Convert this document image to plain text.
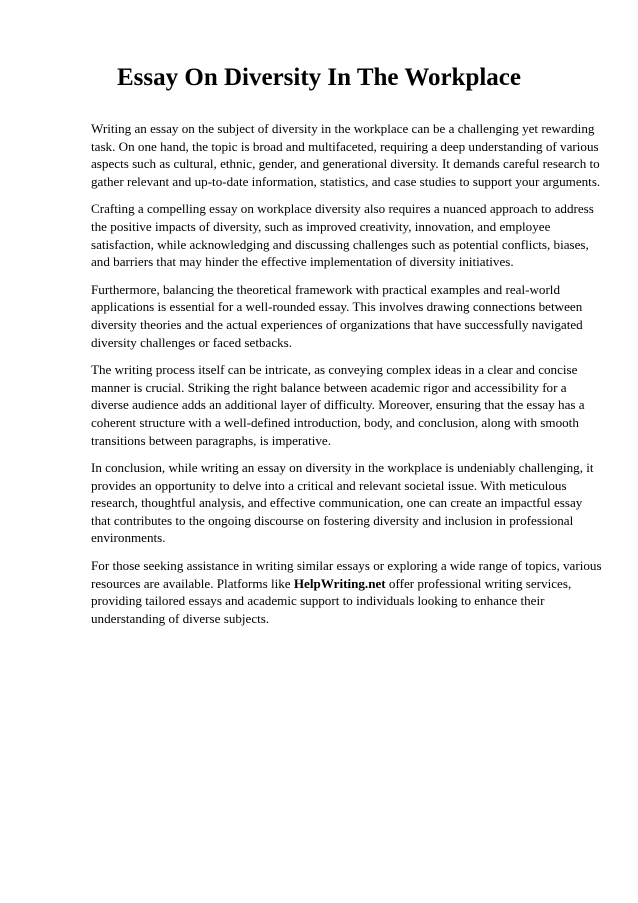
Essay On Diversity In The Workplace

Writing an essay on the subject of diversity in the workplace can be a challenging yet rewarding
task. On one hand, the topic is broad and multifaceted, requiring a deep understanding of various
aspects such as cultural, ethnic, gender, and generational diversity. It demands careful research to
gather relevant and up-to-date information, statistics, and case studies to support your arguments.

Crafting a compelling essay on workplace diversity also requires a nuanced approach to address
the positive impacts of diversity, such as improved creativity, innovation, and employee
satisfaction, while acknowledging and discussing challenges such as potential conflicts, biases,
and barriers that may hinder the effective implementation of diversity initiatives.

Furthermore, balancing the theoretical framework with practical examples and real-world
applications is essential for a well-rounded essay. This involves drawing connections between
diversity theories and the actual experiences of organizations that have successfully navigated
diversity challenges or faced setbacks.

The writing process itself can be intricate, as conveying complex ideas in a clear and concise
manner is crucial. Striking the right balance between academic rigor and accessibility for a
diverse audience adds an additional layer of difficulty. Moreover, ensuring that the essay has a
coherent structure with a well-defined introduction, body, and conclusion, along with smooth
transitions between paragraphs, is imperative.

In conclusion, while writing an essay on diversity in the workplace is undeniably challenging, it
provides an opportunity to delve into a critical and relevant societal issue. With meticulous
research, thoughtful analysis, and effective communication, one can create an impactful essay
that contributes to the ongoing discourse on fostering diversity and inclusion in professional
environments.

For those seeking assistance in writing similar essays or exploring a wide range of topics, various
resources are available. Platforms like HelpWriting.net offer professional writing services,
providing tailored essays and academic support to individuals looking to enhance their
understanding of diverse subjects.
